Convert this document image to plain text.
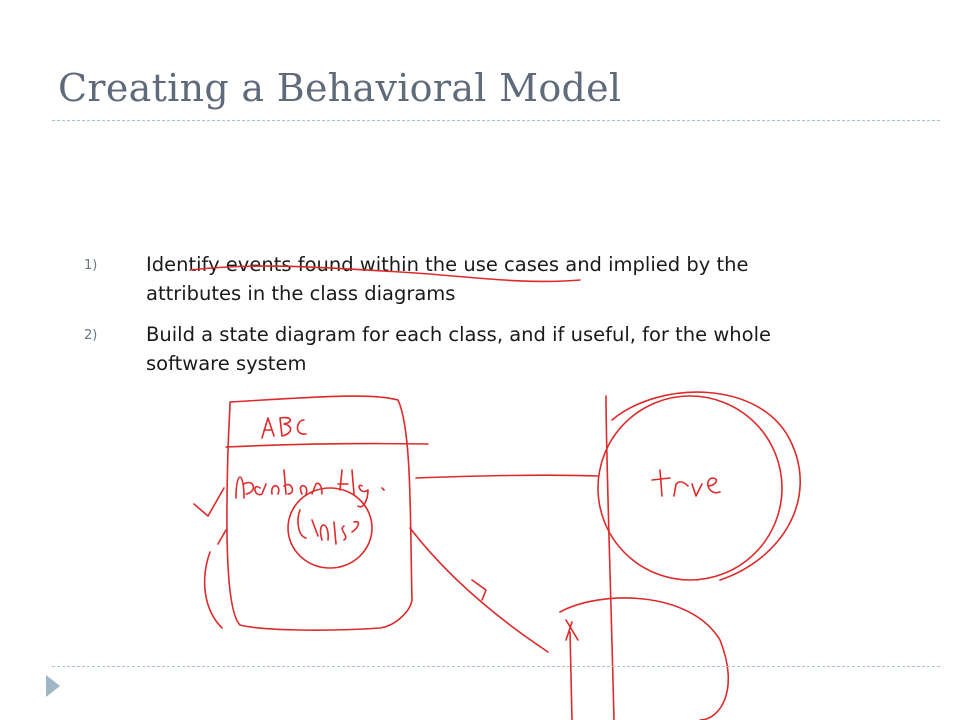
Creating a Behavioral Model
1) Identify events found within the use cases and implied by the attributes in the class diagrams
2) Build a state diagram for each class, and if useful, for the whole software system
